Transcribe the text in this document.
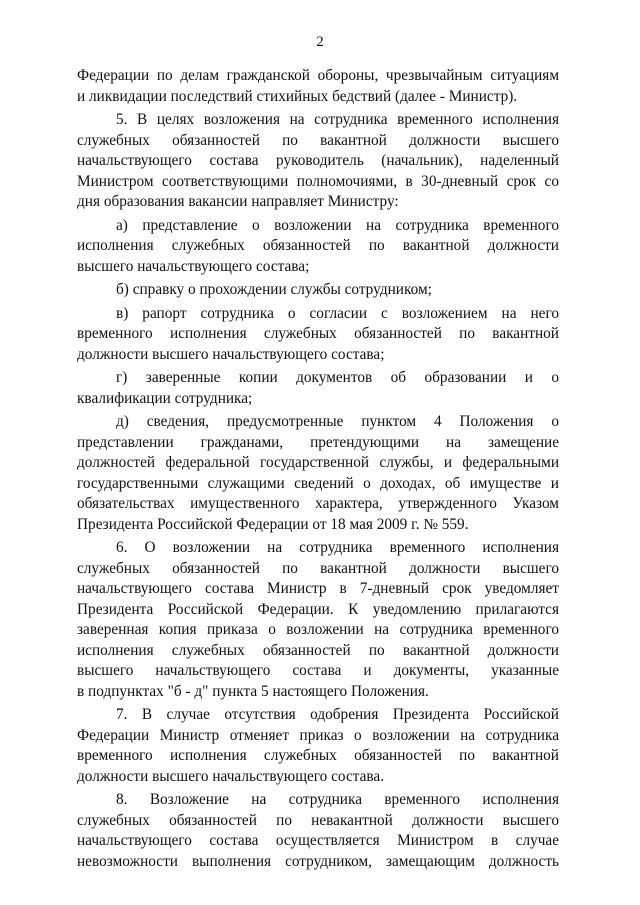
2
Федерации по делам гражданской обороны, чрезвычайным ситуациям
и ликвидации последствий стихийных бедствий (далее - Министр).
5. В целях возложения на сотрудника временного исполнения
служебных обязанностей по вакантной должности высшего
начальствующего состава руководитель (начальник), наделенный
Министром соответствующими полномочиями, в 30-дневный срок со
дня образования вакансии направляет Министру:
а) представление о возложении на сотрудника временного
исполнения служебных обязанностей по вакантной должности
высшего начальствующего состава;
б) справку о прохождении службы сотрудником;
в) рапорт сотрудника о согласии с возложением на него
временного исполнения служебных обязанностей по вакантной
должности высшего начальствующего состава;
г) заверенные копии документов об образовании и о
квалификации сотрудника;
д) сведения, предусмотренные пунктом 4 Положения о
представлении гражданами, претендующими на замещение
должностей федеральной государственной службы, и федеральными
государственными служащими сведений о доходах, об имуществе и
обязательствах имущественного характера, утвержденного Указом
Президента Российской Федерации от 18 мая 2009 г. № 559.
6. О возложении на сотрудника временного исполнения
служебных обязанностей по вакантной должности высшего
начальствующего состава Министр в 7-дневный срок уведомляет
Президента Российской Федерации. К уведомлению прилагаются
заверенная копия приказа о возложении на сотрудника временного
исполнения служебных обязанностей по вакантной должности
высшего начальствующего состава и документы, указанные
в подпунктах "б - д" пункта 5 настоящего Положения.
7. В случае отсутствия одобрения Президента Российской
Федерации Министр отменяет приказ о возложении на сотрудника
временного исполнения служебных обязанностей по вакантной
должности высшего начальствующего состава.
8. Возложение на сотрудника временного исполнения
служебных обязанностей по невакантной должности высшего
начальствующего состава осуществляется Министром в случае
невозможности выполнения сотрудником, замещающим должность
